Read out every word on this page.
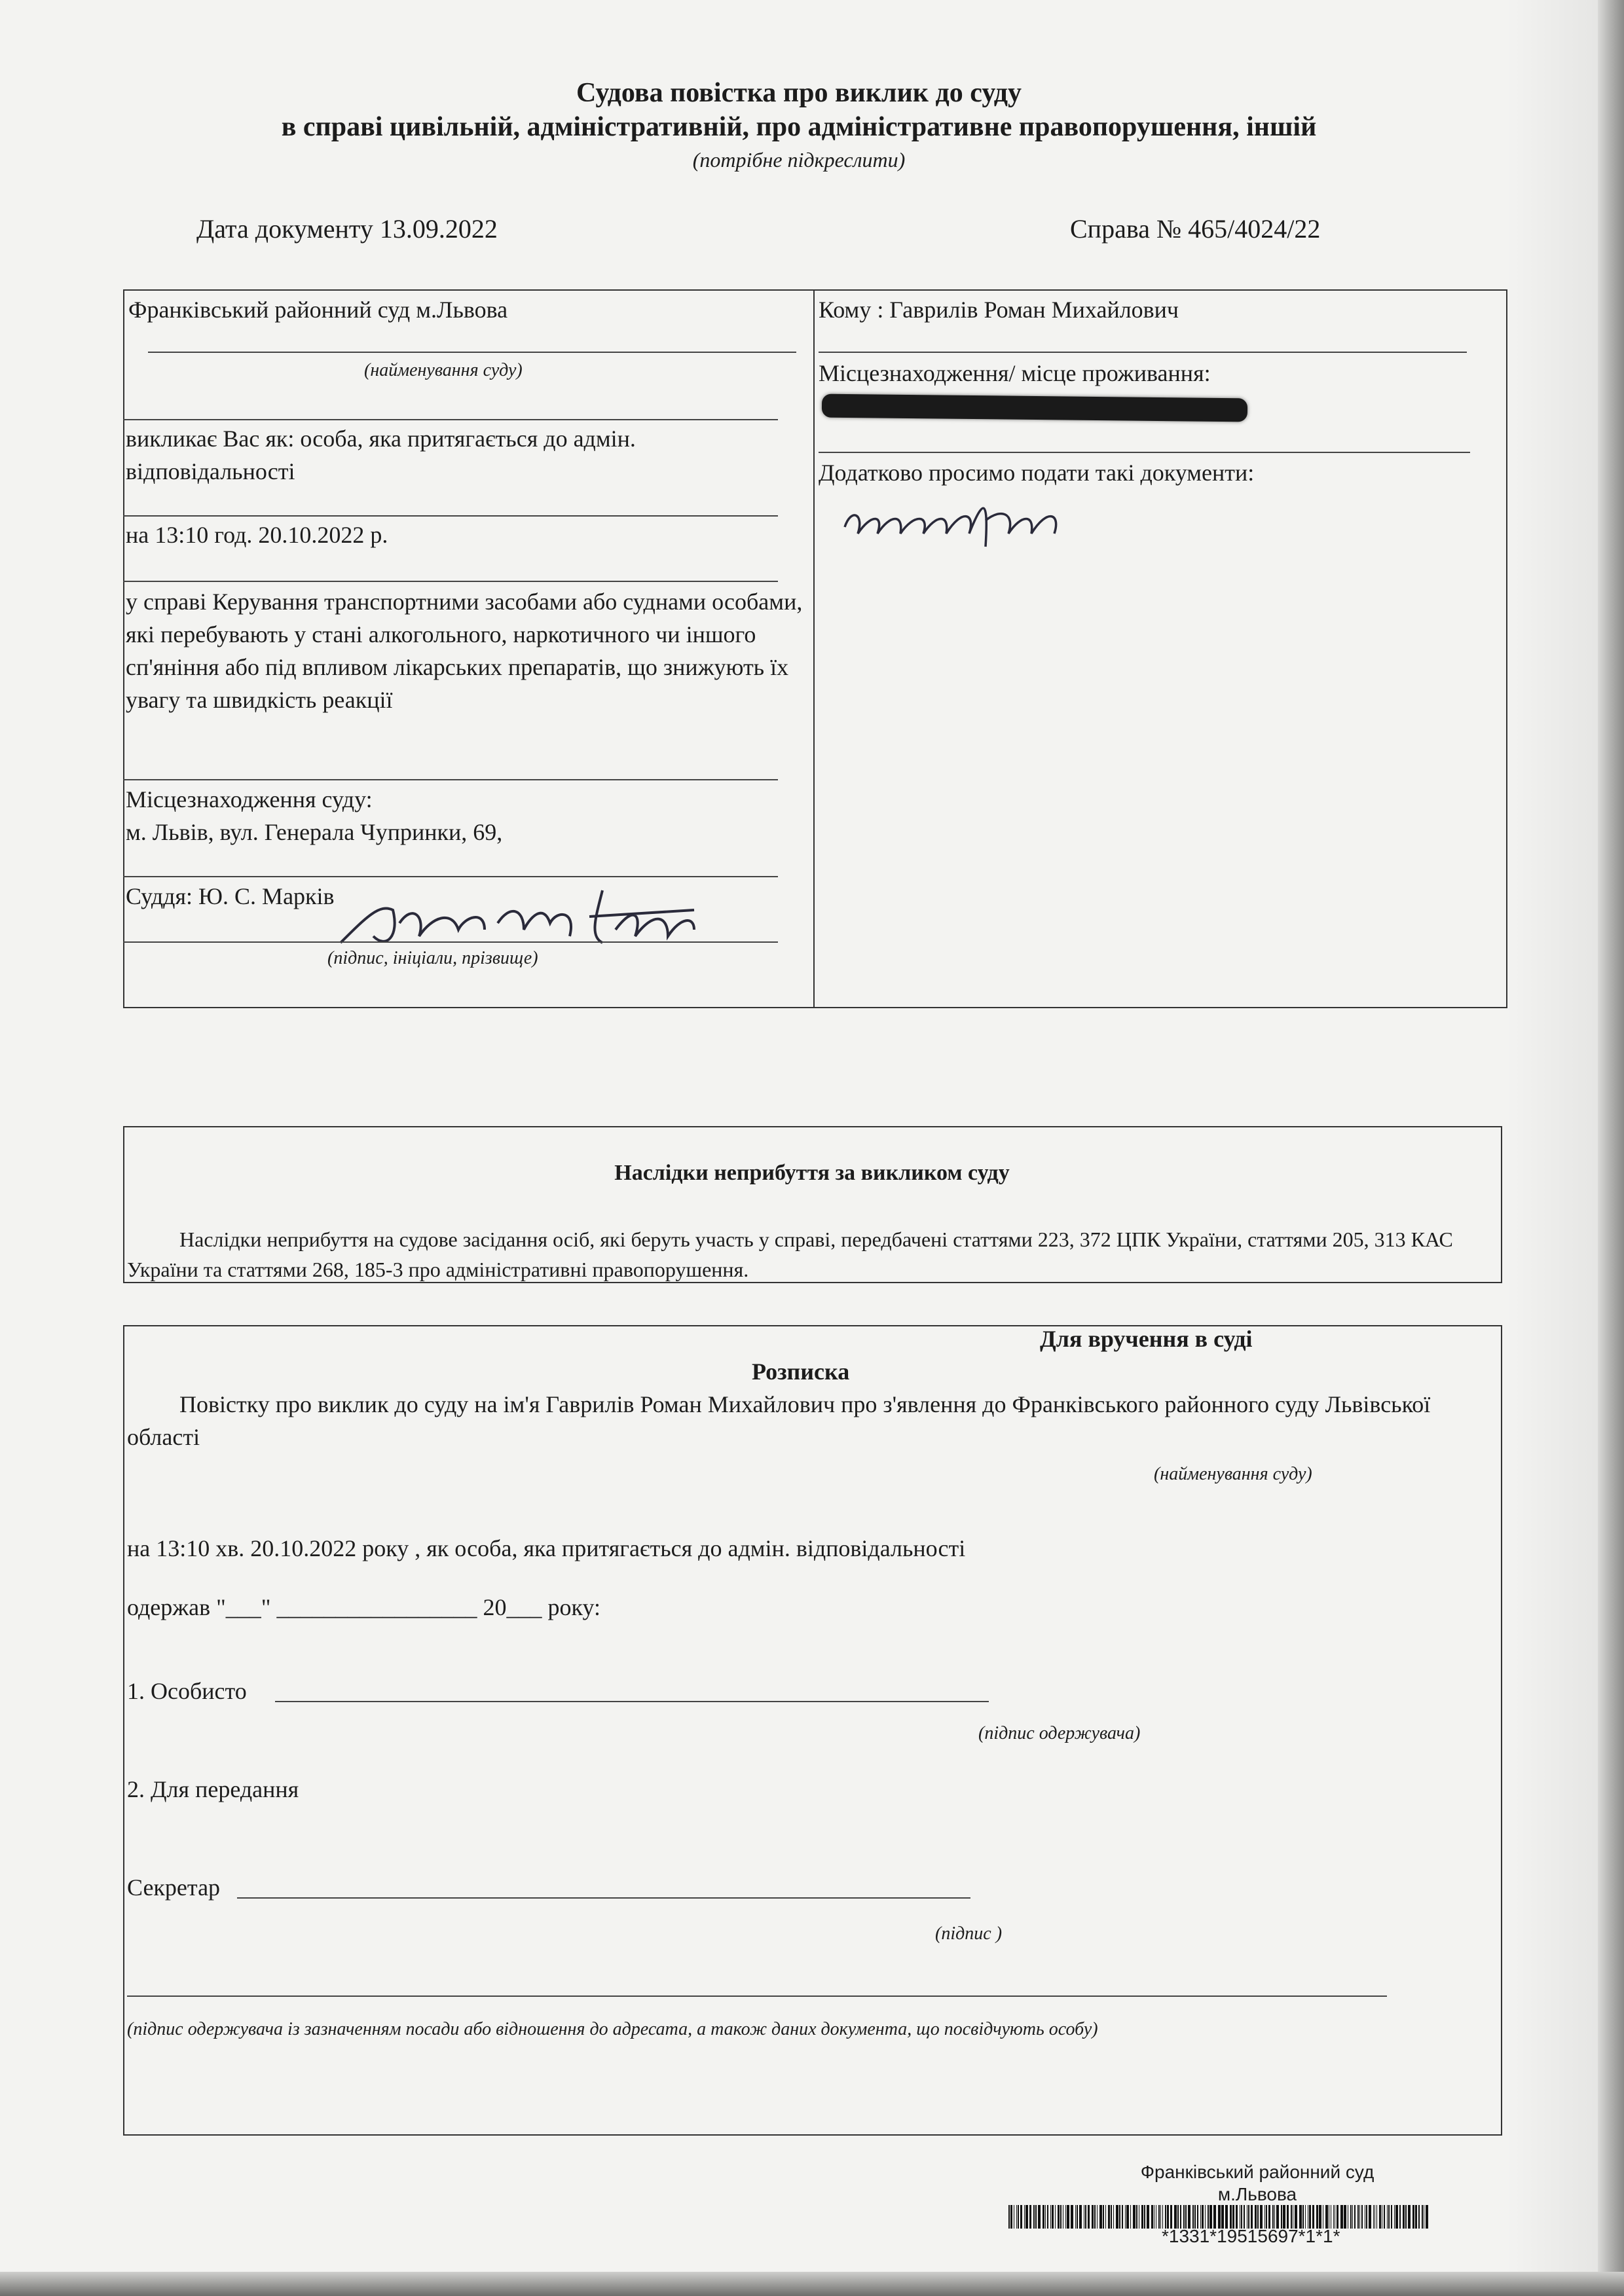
Судова повістка про виклик до суду
в справі цивільній, адміністративній, про адміністративне правопорушення, іншій
(потрібне підкреслити)
Дата документу 13.09.2022	Справа № 465/4024/22
Франківський районний суд м.Львова
(найменування суду)
викликає Вас як: особа, яка притягається до адмін. відповідальності
на 13:10 год. 20.10.2022 р.
у справі Керування транспортними засобами або суднами особами, які перебувають у стані алкогольного, наркотичного чи іншого сп'яніння або під впливом лікарських препаратів, що знижують їх увагу та швидкість реакції
Місцезнаходження суду:
м. Львів, вул. Генерала Чупринки, 69,
Суддя: Ю. С. Марків
(підпис, ініціали, прізвище)
Кому : Гаврилів Роман Михайлович
Місцезнаходження/ місце проживання:
Додатково просимо подати такі документи:
Наслідки неприбуття за викликом суду
Наслідки неприбуття на судове засідання осіб, які беруть участь у справі, передбачені статтями 223, 372 ЦПК України, статтями 205, 313 КАС України та статтями 268, 185-3 про адміністративні правопорушення.
Для вручення в суді
Розписка
Повістку про виклик до суду на ім'я Гаврилів Роман Михайлович про з'явлення до Франківського районного суду Львівської області
(найменування суду)
на 13:10 хв. 20.10.2022 року , як особа, яка притягається до адмін. відповідальності
одержав "___" _________________ 20___ року:
1. Особисто
(підпис одержувача)
2. Для передання
Секретар
(підпис )
(підпис одержувача із зазначенням посади або відношення до адресата, а також даних документа, що посвідчують особу)
Франківський районний суд
м.Львова
*1331*19515697*1*1*
